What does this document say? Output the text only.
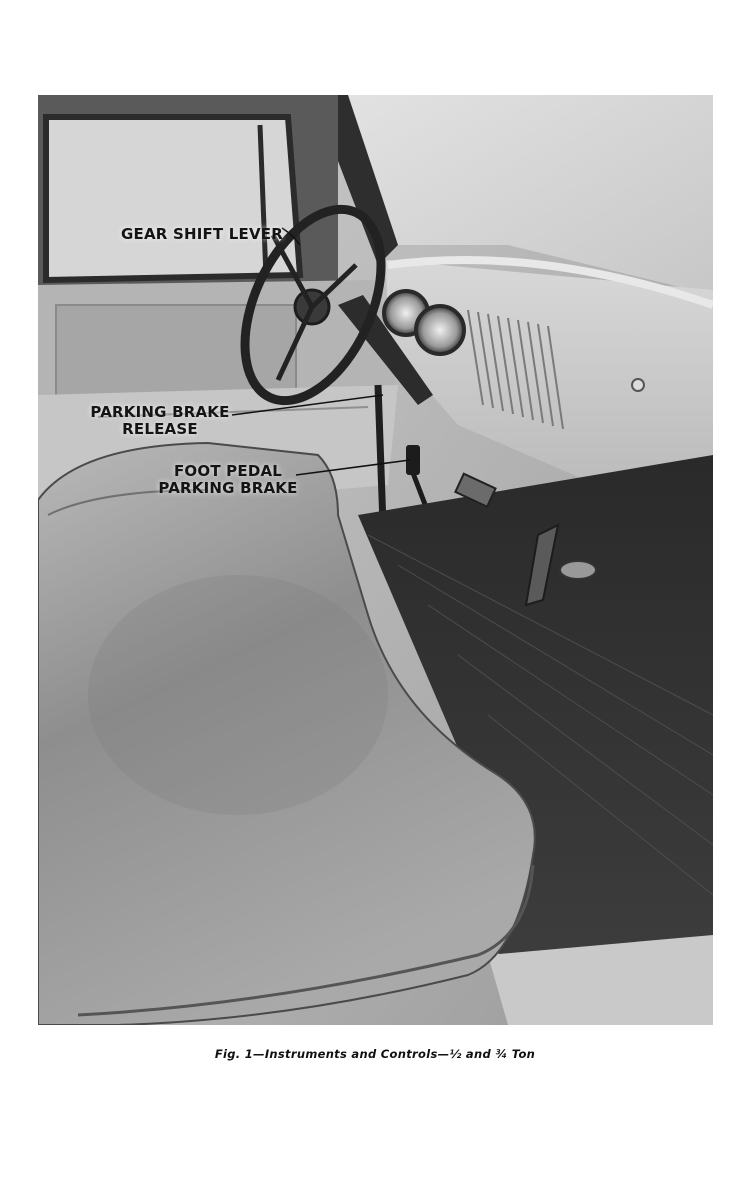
GEAR SHIFT LEVER
PARKING BRAKE
RELEASE
FOOT PEDAL
PARKING BRAKE
Fig. 1—Instruments and Controls—½ and ¾ Ton
